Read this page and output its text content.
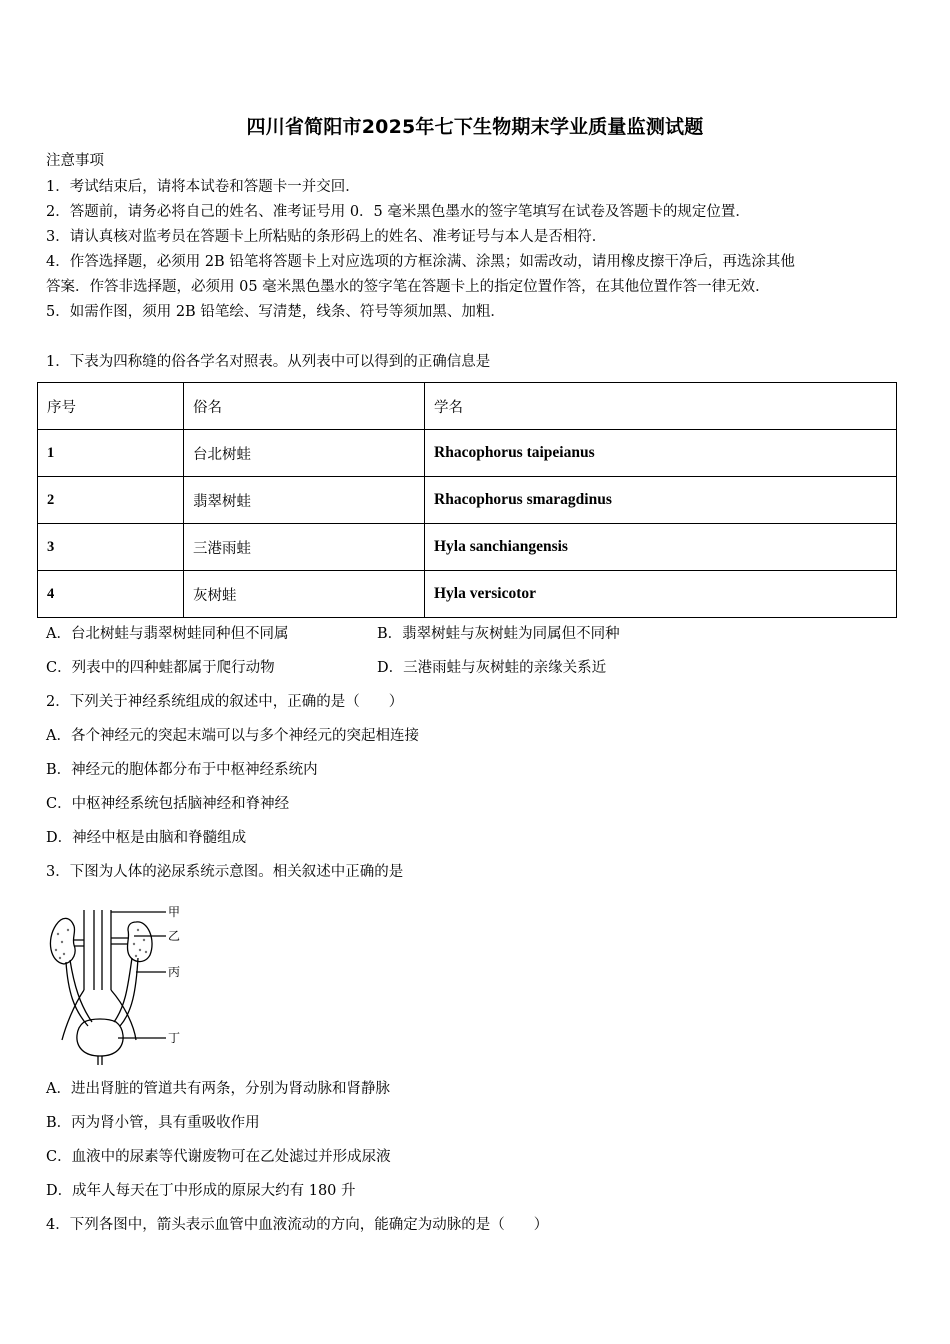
四川省简阳市2025年七下生物期末学业质量监测试题
注意事项
1．考试结束后，请将本试卷和答题卡一并交回．
2．答题前，请务必将自己的姓名、准考证号用 0．5 毫米黑色墨水的签字笔填写在试卷及答题卡的规定位置．
3．请认真核对监考员在答题卡上所粘贴的条形码上的姓名、准考证号与本人是否相符．
4．作答选择题，必须用 2B 铅笔将答题卡上对应选项的方框涂满、涂黑；如需改动，请用橡皮擦干净后，再选涂其他
答案．作答非选择题，必须用 05 毫米黑色墨水的签字笔在答题卡上的指定位置作答，在其他位置作答一律无效．
5．如需作图，须用 2B 铅笔绘、写清楚，线条、符号等须加黑、加粗．
1．下表为四称缝的俗各学名对照表。从列表中可以得到的正确信息是
序号	俗名	学名
1	台北树蛙	Rhacophorus taipeianus
2	翡翠树蛙	Rhacophorus smaragdinus
3	三港雨蛙	Hyla sanchiangensis
4	灰树蛙	Hyla versicotor
A．台北树蛙与翡翠树蛙同种但不同属	B．翡翠树蛙与灰树蛙为同属但不同种
C．列表中的四种蛙都属于爬行动物	D．三港雨蛙与灰树蛙的亲缘关系近
2．下列关于神经系统组成的叙述中，正确的是（　　）
A．各个神经元的突起末端可以与多个神经元的突起相连接
B．神经元的胞体都分布于中枢神经系统内
C．中枢神经系统包括脑神经和脊神经
D．神经中枢是由脑和脊髓组成
3．下图为人体的泌尿系统示意图。相关叙述中正确的是
甲
乙
丙
丁
A．进出肾脏的管道共有两条，分别为肾动脉和肾静脉
B．丙为肾小管，具有重吸收作用
C．血液中的尿素等代谢废物可在乙处滤过并形成尿液
D．成年人每天在丁中形成的原尿大约有 180 升
4．下列各图中，箭头表示血管中血液流动的方向，能确定为动脉的是（　　）
